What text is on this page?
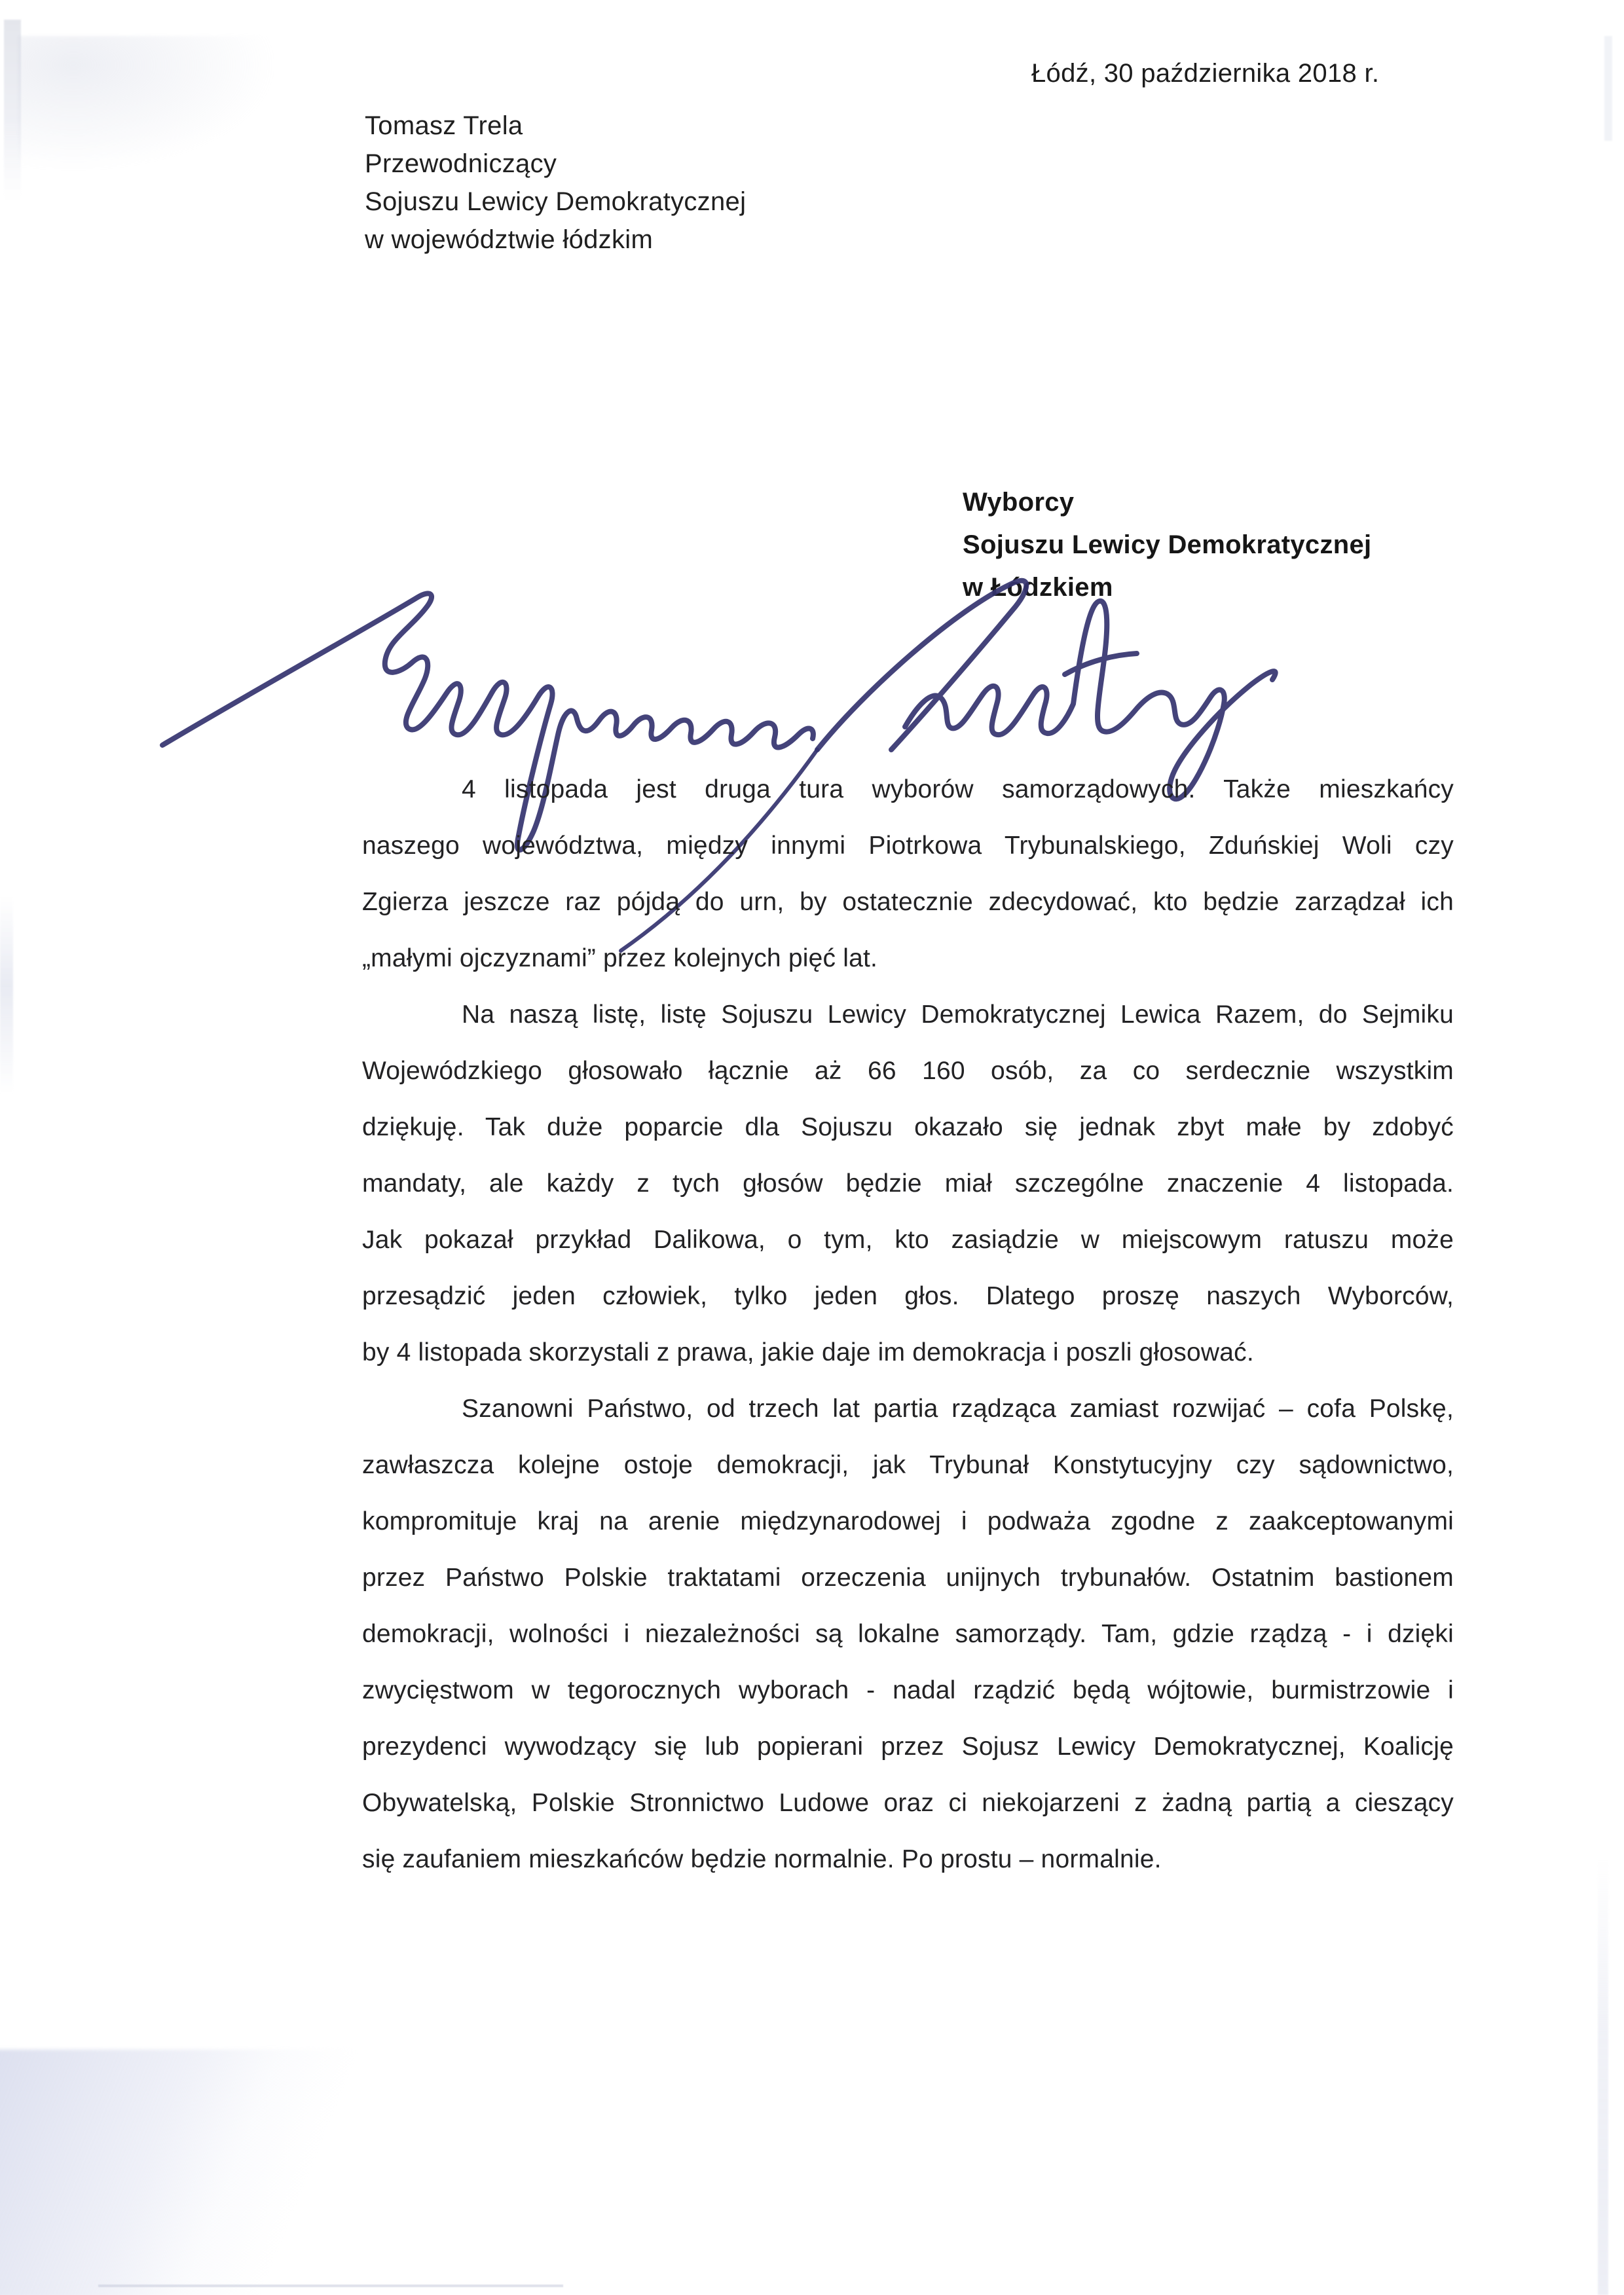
Łódź, 30 października 2018 r.
Tomasz Trela
Przewodniczący
Sojuszu Lewicy Demokratycznej
w województwie łódzkim
Wyborcy
Sojuszu Lewicy Demokratycznej
w Łódzkiem
4 listopada jest druga tura wyborów samorządowych. Także mieszkańcy
naszego województwa, między innymi Piotrkowa Trybunalskiego, Zduńskiej Woli czy
Zgierza jeszcze raz pójdą do urn, by ostatecznie zdecydować, kto będzie zarządzał ich
„małymi ojczyznami” przez kolejnych pięć lat.
Na naszą listę, listę Sojuszu Lewicy Demokratycznej Lewica Razem, do Sejmiku
Wojewódzkiego głosowało łącznie aż 66 160 osób, za co serdecznie wszystkim
dziękuję. Tak duże poparcie dla Sojuszu okazało się jednak zbyt małe by zdobyć
mandaty, ale każdy z tych głosów będzie miał szczególne znaczenie 4 listopada.
Jak pokazał przykład Dalikowa, o tym, kto zasiądzie w miejscowym ratuszu może
przesądzić jeden człowiek, tylko jeden głos. Dlatego proszę naszych Wyborców,
by 4 listopada skorzystali z prawa, jakie daje im demokracja i poszli głosować.
Szanowni Państwo, od trzech lat partia rządząca zamiast rozwijać – cofa Polskę,
zawłaszcza kolejne ostoje demokracji, jak Trybunał Konstytucyjny czy sądownictwo,
kompromituje kraj na arenie międzynarodowej i podważa zgodne z zaakceptowanymi
przez Państwo Polskie traktatami orzeczenia unijnych trybunałów. Ostatnim bastionem
demokracji, wolności i niezależności są lokalne samorządy. Tam, gdzie rządzą - i dzięki
zwycięstwom w tegorocznych wyborach - nadal rządzić będą wójtowie, burmistrzowie i
prezydenci wywodzący się lub popierani przez Sojusz Lewicy Demokratycznej, Koalicję
Obywatelską, Polskie Stronnictwo Ludowe oraz ci niekojarzeni z żadną partią a cieszący
się zaufaniem mieszkańców będzie normalnie. Po prostu – normalnie.
